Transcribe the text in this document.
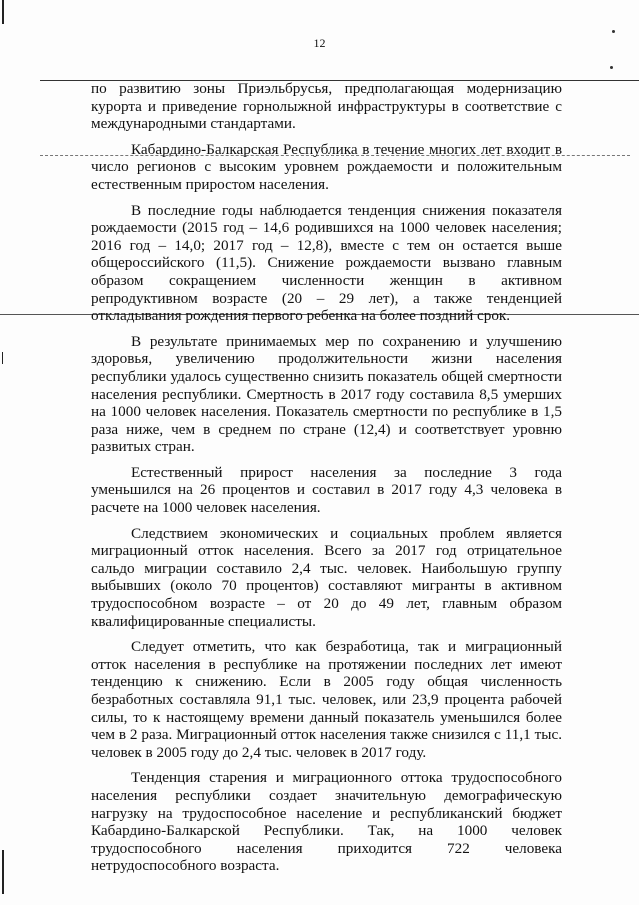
12

по развитию зоны Приэльбрусья, предполагающая модернизацию курорта и приведение горнолыжной инфраструктуры в соответствие с международными стандартами.

Кабардино-Балкарская Республика в течение многих лет входит в число регионов с высоким уровнем рождаемости и положительным естественным приростом населения.

В последние годы наблюдается тенденция снижения показателя рождаемости (2015 год – 14,6 родившихся на 1000 человек населения; 2016 год – 14,0; 2017 год – 12,8), вместе с тем он остается выше общероссийского (11,5). Снижение рождаемости вызвано главным образом сокращением численности женщин в активном репродуктивном возрасте (20 – 29 лет), а также тенденцией откладывания рождения первого ребенка на более поздний срок.

В результате принимаемых мер по сохранению и улучшению здоровья, увеличению продолжительности жизни населения республики удалось существенно снизить показатель общей смертности населения республики. Смертность в 2017 году составила 8,5 умерших на 1000 человек населения. Показатель смертности по республике в 1,5 раза ниже, чем в среднем по стране (12,4) и соответствует уровню развитых стран.

Естественный прирост населения за последние 3 года уменьшился на 26 процентов и составил в 2017 году 4,3 человека в расчете на 1000 человек населения.

Следствием экономических и социальных проблем является миграционный отток населения. Всего за 2017 год отрицательное сальдо миграции составило 2,4 тыс. человек. Наибольшую группу выбывших (около 70 процентов) составляют мигранты в активном трудоспособном возрасте – от 20 до 49 лет, главным образом квалифицированные специалисты.

Следует отметить, что как безработица, так и миграционный отток населения в республике на протяжении последних лет имеют тенденцию к снижению. Если в 2005 году общая численность безработных составляла 91,1 тыс. человек, или 23,9 процента рабочей силы, то к настоящему времени данный показатель уменьшился более чем в 2 раза. Миграционный отток населения также снизился с 11,1 тыс. человек в 2005 году до 2,4 тыс. человек в 2017 году.

Тенденция старения и миграционного оттока трудоспособного населения республики создает значительную демографическую нагрузку на трудоспособное население и республиканский бюджет Кабардино-Балкарской Республики. Так, на 1000 человек трудоспособного населения приходится 722 человека нетрудоспособного возраста.
